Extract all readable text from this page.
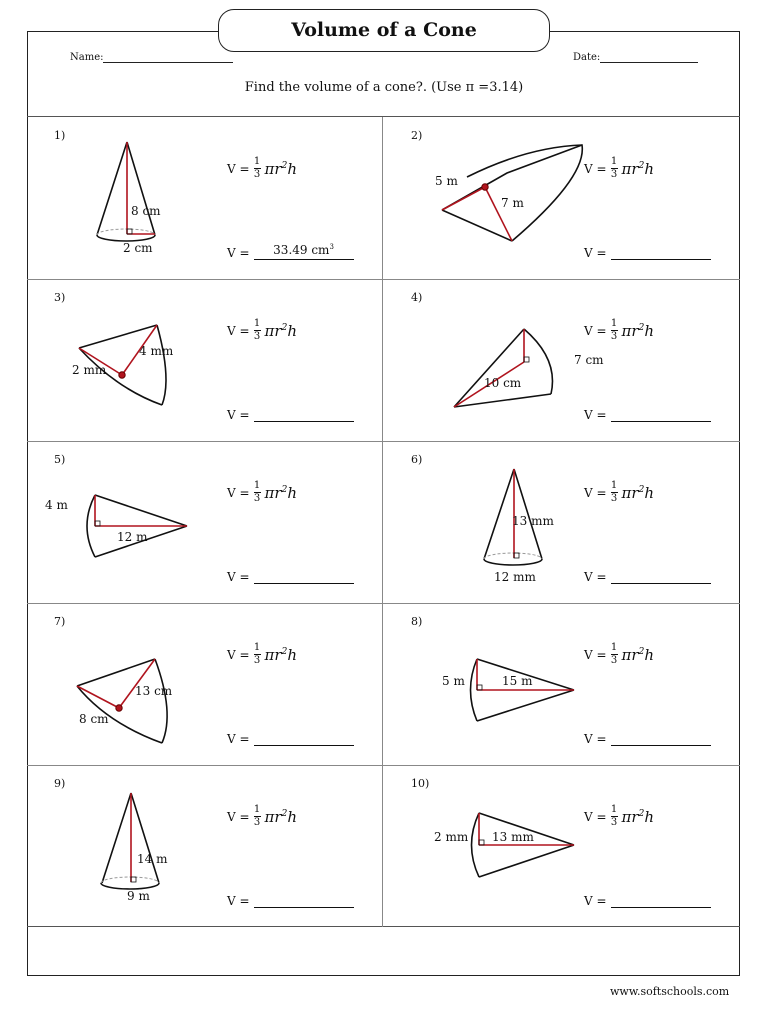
Volume of a Cone
Name:	Date:
Find the volume of a cone?. (Use π =3.14)
8 cm
2 cm
1)
$V = \frac{1}{3} \pi r^2h$
V =	33.49 $cm^3$
5 m
7 m
2)
$V = \frac{1}{3} \pi r^2h$
V =
4 mm
2 mm
3)
$V = \frac{1}{3} \pi r^2h$
V =
7 cm
10 cm
4)
$V = \frac{1}{3} \pi r^2h$
V =
4 m
12 m
5)
$V = \frac{1}{3} \pi r^2h$
V =
13 mm
12 mm
6)
$V = \frac{1}{3} \pi r^2h$
V =
13 cm
8 cm
7)
$V = \frac{1}{3} \pi r^2h$
V =
5 m	15 m
8)
$V = \frac{1}{3} \pi r^2h$
V =
14 m
9 m
9)
$V = \frac{1}{3} \pi r^2h$
V =
2 mm 13 mm
10)
$V = \frac{1}{3} \pi r^2h$
V =
www.softschools.com
